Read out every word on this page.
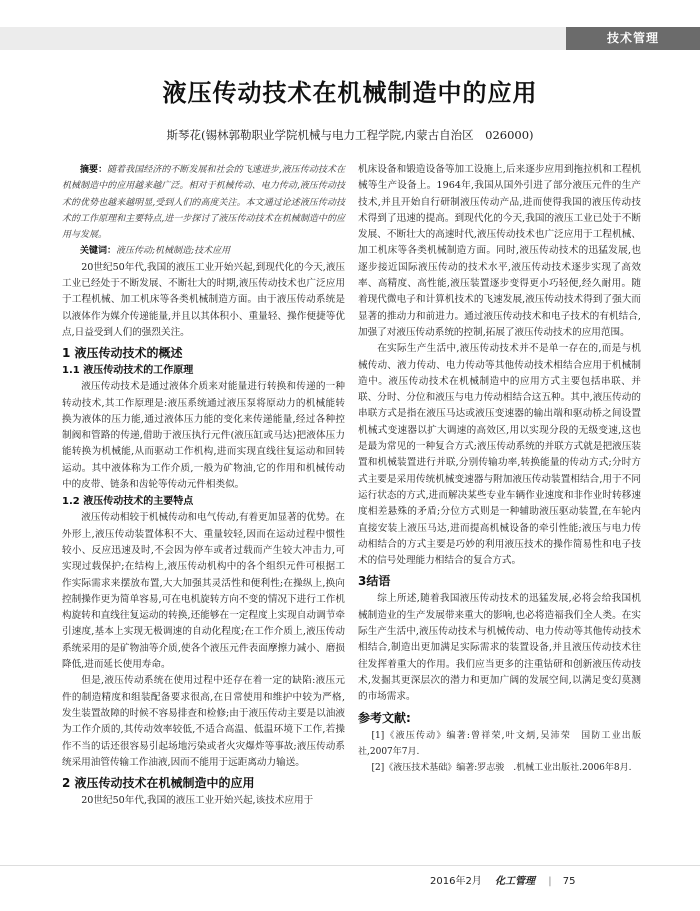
技术管理
液压传动技术在机械制造中的应用
斯琴花(锡林郭勒职业学院机械与电力工程学院,内蒙古自治区　026000)

摘要：随着我国经济的不断发展和社会的飞速进步,液压传动技术在机械制造中的应用越来越广泛。相对于机械传动、电力传动,液压传动技术的优势也越来越明显,受到人们的高度关注。本文通过论述液压传动技术的工作原理和主要特点,进一步探讨了液压传动技术在机械制造中的应用与发展。

关键词：液压传动;机械制造;技术应用

20世纪50年代,我国的液压工业开始兴起,到现代化的今天,液压工业已经处于不断发展、不断壮大的时期,液压传动技术也广泛应用于工程机械、加工机床等各类机械制造方面。由于液压传动系统是以液体作为媒介传递能量,并且以其体积小、重量轻、操作便捷等优点,日益受到人们的强烈关注。

1 液压传动技术的概述
1.1 液压传动技术的工作原理

液压传动技术是通过液体介质来对能量进行转换和传递的一种转动技术,其工作原理是:液压系统通过液压泵将原动力的机械能转换为液体的压力能,通过液体压力能的变化来传递能量,经过各种控制阀和管路的传递,借助于液压执行元件(液压缸或马达)把液体压力能转换为机械能,从而驱动工作机构,进而实现直线往复运动和回转运动。其中液体称为工作介质,一般为矿物油,它的作用和机械传动中的皮带、链条和齿轮等传动元件相类似。

1.2 液压传动技术的主要特点

液压传动相较于机械传动和电气传动,有着更加显著的优势。在外形上,液压传动装置体积不大、重量较轻,因而在运动过程中惯性较小、反应迅速及时,不会因为停车或者过载而产生较大冲击力,可实现过载保护;在结构上,液压传动机构中的各个组织元件可根据工作实际需求来摆放布置,大大加强其灵活性和便利性;在操纵上,换向控制操作更为简单容易,可在电机旋转方向不变的情况下进行工作机构旋转和直线往复运动的转换,还能够在一定程度上实现自动调节牵引速度,基本上实现无极调速的自动化程度;在工作介质上,液压传动系统采用的是矿物油等介质,使各个液压元件表面摩擦力减小、磨损降低,进而延长使用寿命。

但是,液压传动系统在使用过程中还存在着一定的缺陷:液压元件的制造精度和组装配备要求很高,在日常使用和维护中较为严格,发生装置故障的时候不容易排查和检修;由于液压传动主要是以油液为工作介质的,其传动效率较低,不适合高温、低温环境下工作,若操作不当的话还很容易引起场地污染或者火灾爆炸等事故;液压传动系统采用油管传输工作油液,因而不能用于远距离动力输送。

2 液压传动技术在机械制造中的应用

20世纪50年代,我国的液压工业开始兴起,该技术应用于

机床设备和锻造设备等加工设施上,后来逐步应用到拖拉机和工程机械等生产设备上。1964年,我国从国外引进了部分液压元件的生产技术,并且开始自行研制液压传动产品,进而使得我国的液压传动技术得到了迅速的提高。到现代化的今天,我国的液压工业已处于不断发展、不断壮大的高速时代,液压传动技术也广泛应用于工程机械、加工机床等各类机械制造方面。同时,液压传动技术的迅猛发展,也逐步接近国际液压传动的技术水平,液压传动技术逐步实现了高效率、高精度、高性能,液压装置逐步变得更小巧轻便,经久耐用。随着现代微电子和计算机技术的飞速发展,液压传动技术得到了强大而显著的推动力和前进力。通过液压传动技术和电子技术的有机结合,加强了对液压传动系统的控制,拓展了液压传动技术的应用范围。

在实际生产生活中,液压传动技术并不是单一存在的,而是与机械传动、液力传动、电力传动等其他传动技术相结合应用于机械制造中。液压传动技术在机械制造中的应用方式主要包括串联、并联、分时、分位和液压与电力传动相结合这五种。其中,液压传动的串联方式是指在液压马达或液压变速器的输出端和驱动桥之间设置机械式变速器以扩大调速的高效区,用以实现分段的无级变速,这也是最为常见的一种复合方式;液压传动系统的并联方式就是把液压装置和机械装置进行并联,分别传输功率,转换能量的传动方式;分时方式主要是采用传统机械变速器与附加液压传动装置相结合,用于不同运行状态的方式,进而解决某些专业车辆作业速度和非作业时转移速度相差悬殊的矛盾;分位方式则是一种辅助液压驱动装置,在车轮内直接安装上液压马达,进而提高机械设备的牵引性能;液压与电力传动相结合的方式主要是巧妙的利用液压技术的操作简易性和电子技术的信号处理能力相结合的复合方式。

3结语

综上所述,随着我国液压传动技术的迅猛发展,必将会给我国机械制造业的生产发展带来重大的影响,也必将造福我们全人类。在实际生产生活中,液压传动技术与机械传动、电力传动等其他传动技术相结合,制造出更加满足实际需求的装置设备,并且液压传动技术往往发挥着重大的作用。我们应当更多的注重钻研和创新液压传动技术,发掘其更深层次的潜力和更加广阔的发展空间,以满足变幻莫测的市场需求。

参考文献:

[1]《液压传动》编著:曾祥荣,叶文炳,吴沛荣　国防工业出版社,2007年7月.

[2]《液压技术基础》编著:罗志骏　.机械工业出版社.2006年8月.

2016年2月 化工管理 | 75
